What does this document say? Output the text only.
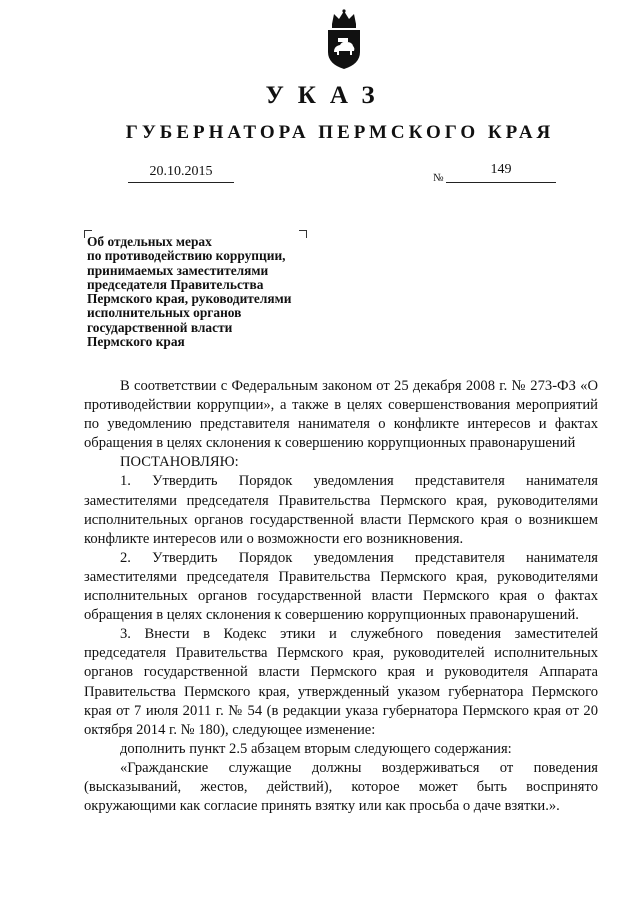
УКАЗ
ГУБЕРНАТОРА ПЕРМСКОГО КРАЯ
20.10.2015	№
149
Об отдельных мерах
по противодействию коррупции,
принимаемых заместителями
председателя Правительства
Пермского края, руководителями
исполнительных органов
государственной власти
Пермского края

В соответствии с Федеральным законом от 25 декабря 2008 г. № 273-ФЗ «О противодействии коррупции», а также в целях совершенствования мероприятий по уведомлению представителя нанимателя о конфликте интересов и фактах обращения в целях склонения к совершению коррупционных правонарушений

ПОСТАНОВЛЯЮ:

1. Утвердить Порядок уведомления представителя нанимателя заместителями председателя Правительства Пермского края, руководителями исполнительных органов государственной власти Пермского края о возникшем конфликте интересов или о возможности его возникновения.

2. Утвердить Порядок уведомления представителя нанимателя заместителями председателя Правительства Пермского края, руководителями исполнительных органов государственной власти Пермского края о фактах обращения в целях склонения к совершению коррупционных правонарушений.

3. Внести в Кодекс этики и служебного поведения заместителей председателя Правительства Пермского края, руководителей исполнительных органов государственной власти Пермского края и руководителя Аппарата Правительства Пермского края, утвержденный указом губернатора Пермского края от 7 июля 2011 г. № 54 (в редакции указа губернатора Пермского края от 20 октября 2014 г. № 180), следующее изменение:

дополнить пункт 2.5 абзацем вторым следующего содержания:

«Гражданские служащие должны воздерживаться от поведения (высказываний, жестов, действий), которое может быть воспринято окружающими как согласие принять взятку или как просьба о даче взятки.».
